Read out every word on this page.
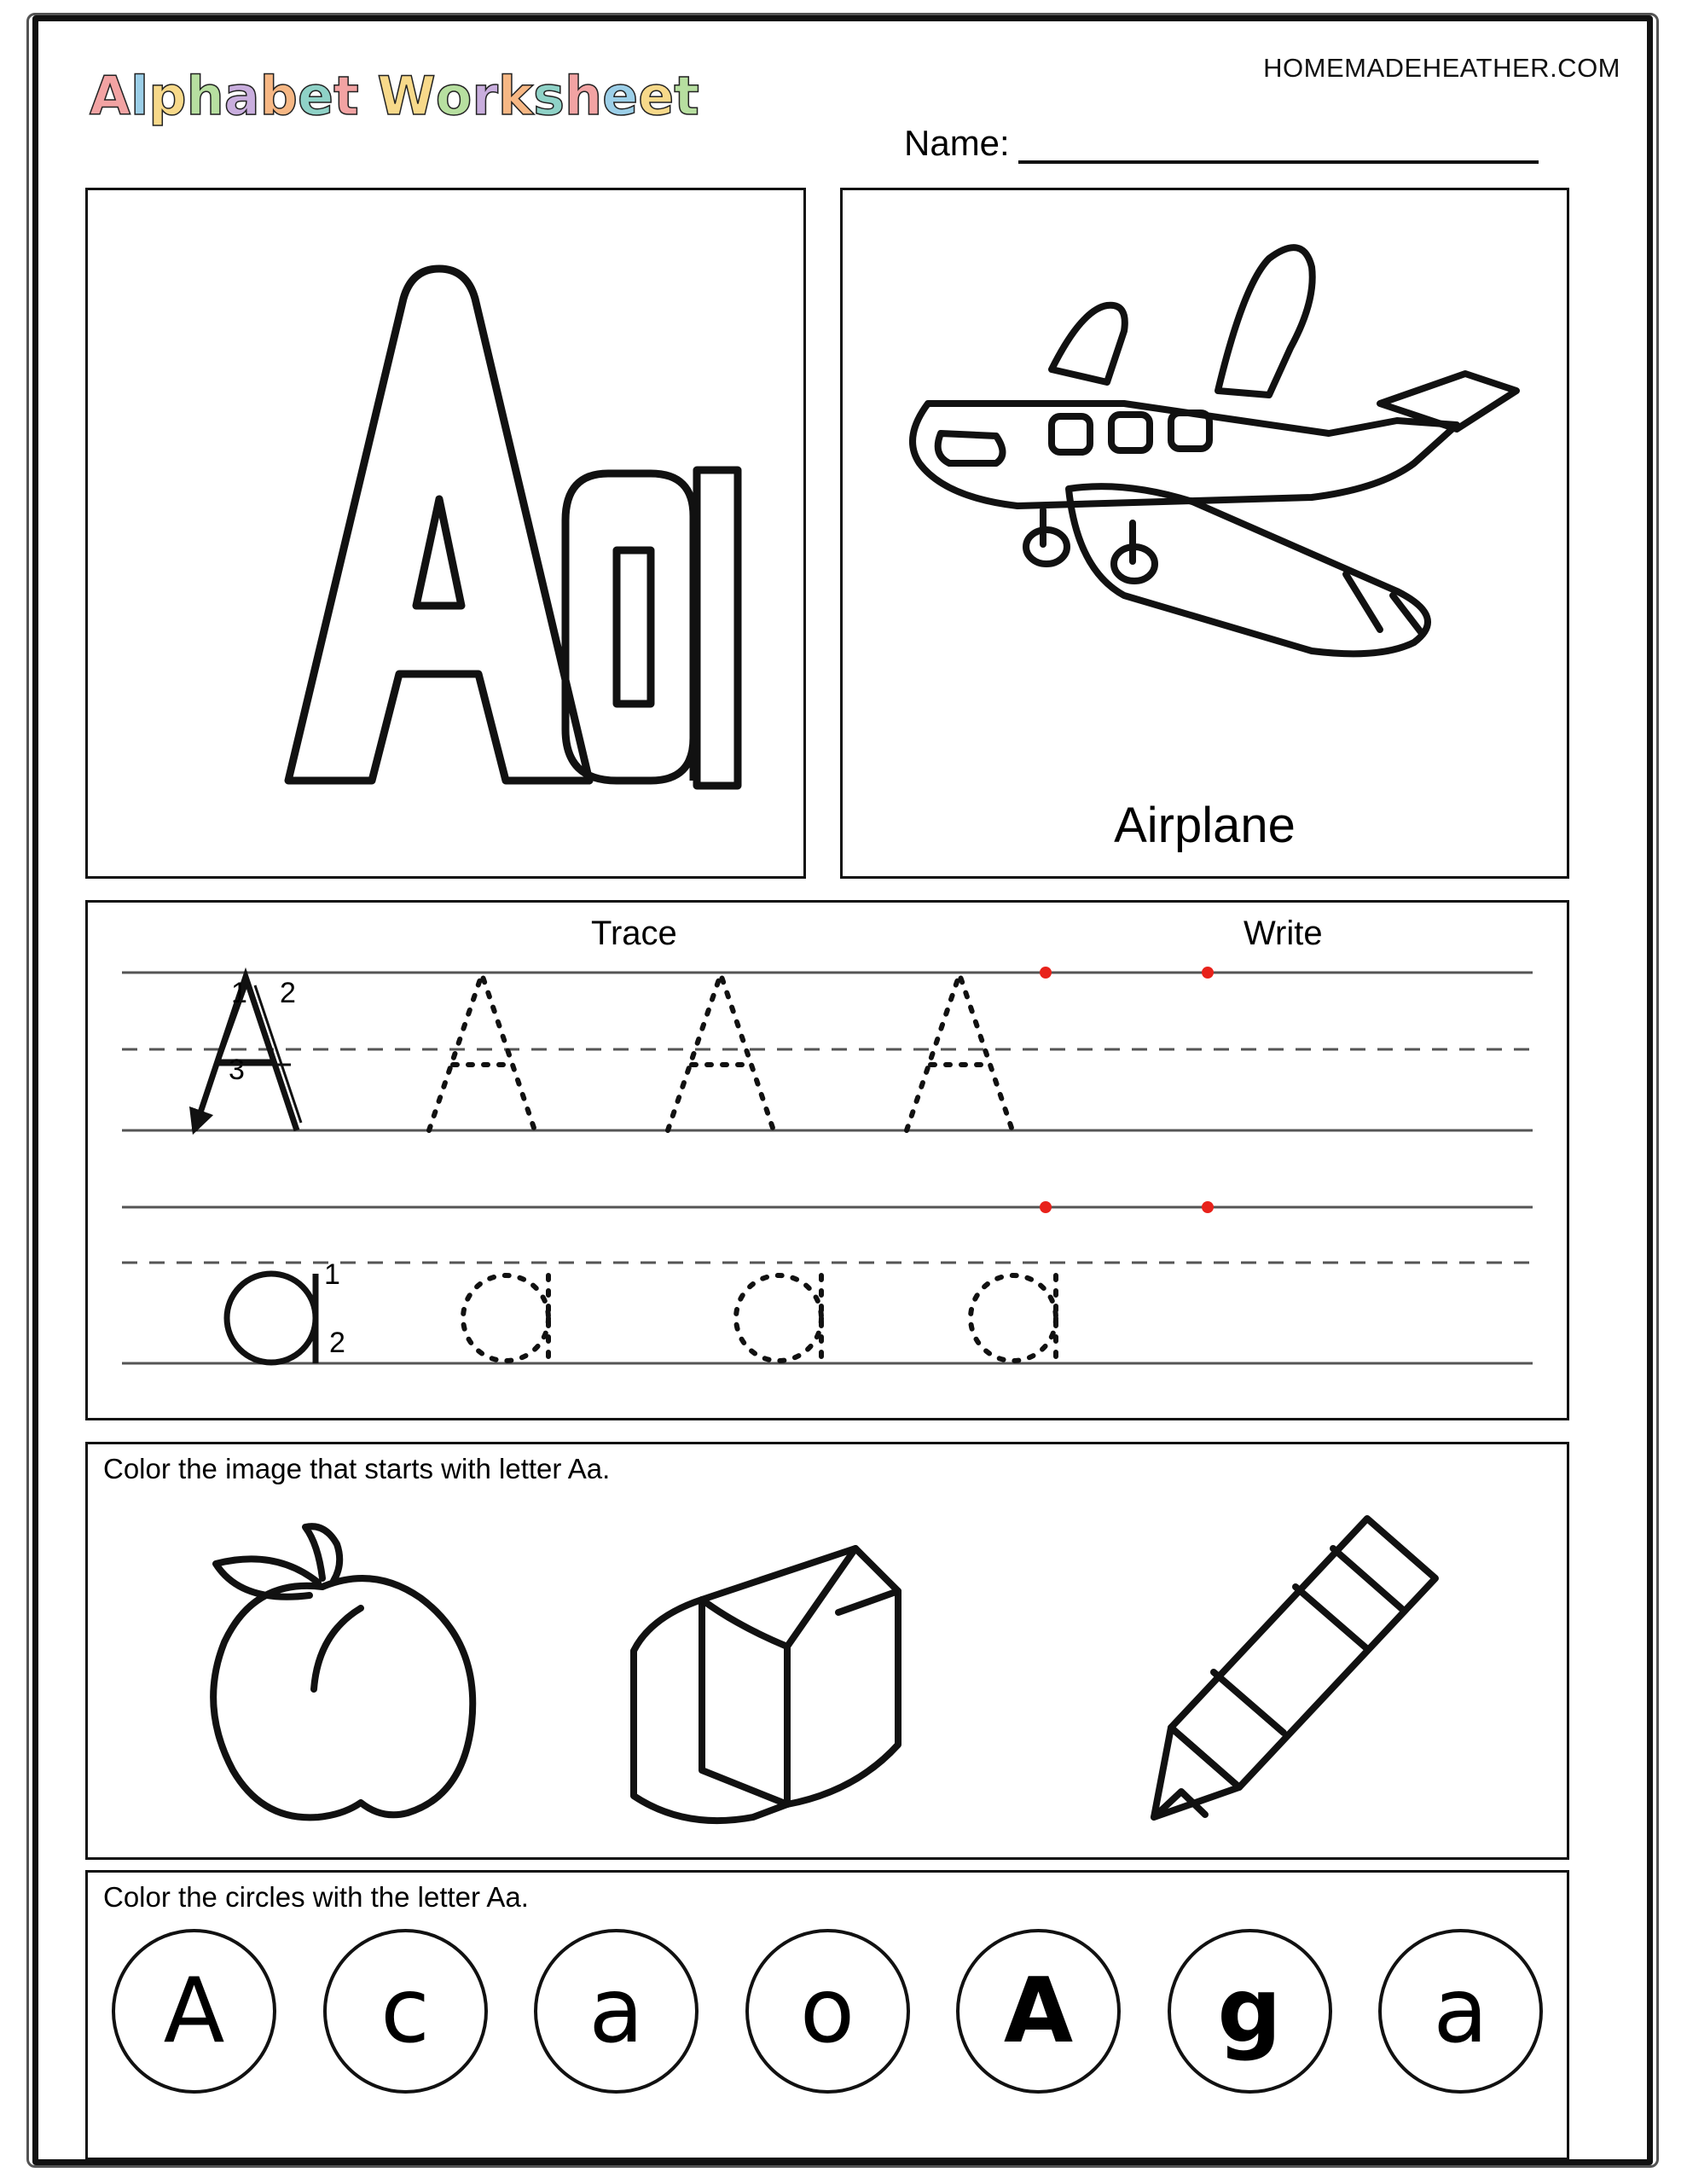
HOMEMADEHEATHER.COM
Alphabet Worksheet
Name:
Airplane
Trace	Write
1 2
3
1
2
Color the image that starts with letter Aa.
Color the circles with the letter Aa.
A	c	a	o	A	g	a
